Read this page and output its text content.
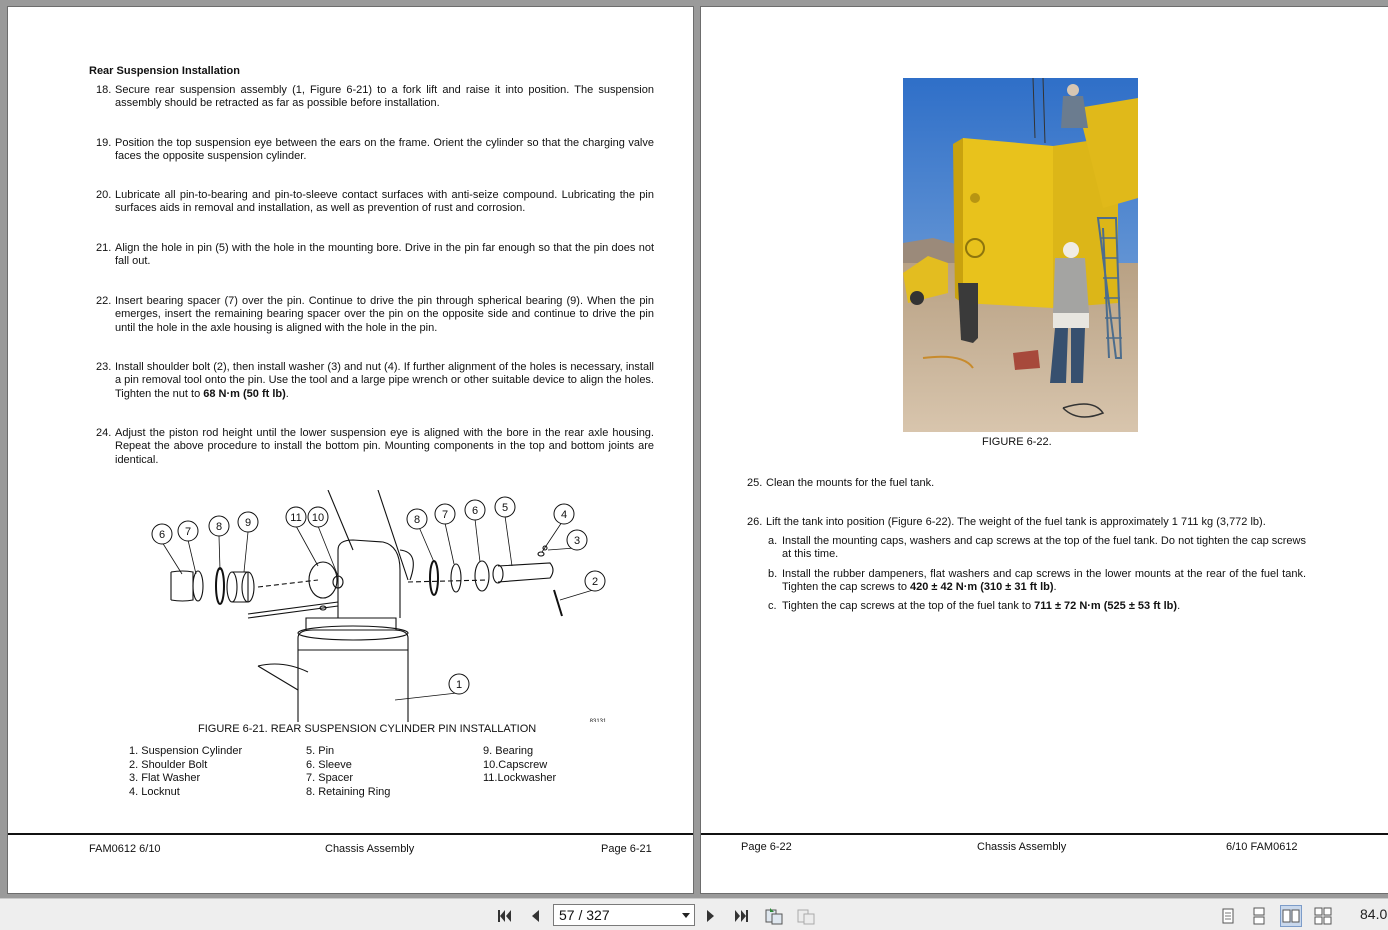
Rear Suspension Installation
18. Secure rear suspension assembly (1, Figure 6-21) to a fork lift and raise it into position. The suspension assembly should be retracted as far as possible before installation.
19. Position the top suspension eye between the ears on the frame. Orient the cylinder so that the charging valve faces the opposite suspension cylinder.
20. Lubricate all pin-to-bearing and pin-to-sleeve contact surfaces with anti-seize compound. Lubricating the pin surfaces aids in removal and installation, as well as prevention of rust and corrosion.
21. Align the hole in pin (5) with the hole in the mounting bore. Drive in the pin far enough so that the pin does not fall out.
22. Insert bearing spacer (7) over the pin. Continue to drive the pin through spherical bearing (9). When the pin emerges, insert the remaining bearing spacer over the pin on the opposite side and continue to drive the pin until the hole in the axle housing is aligned with the hole in the pin.
23. Install shoulder bolt (2), then install washer (3) and nut (4). If further alignment of the holes is necessary, install a pin removal tool onto the pin. Use the tool and a large pipe wrench or other suitable device to align the holes. Tighten the nut to 68 N·m (50 ft lb).
24. Adjust the piston rod height until the lower suspension eye is aligned with the bore in the rear axle housing. Repeat the above procedure to install the bottom pin. Mounting components in the top and bottom joints are identical.
6 7 8 9	11 10	8 7 6 5
4
3
2
1
83131
FIGURE 6-21. REAR SUSPENSION CYLINDER PIN INSTALLATION
1. Suspension Cylinder
2. Shoulder Bolt
3. Flat Washer
4. Locknut
5. Pin
6. Sleeve
7. Spacer
8. Retaining Ring
9. Bearing
10.Capscrew
11.Lockwasher
FAM0612 6/10	Chassis Assembly	Page 6-21
FIGURE 6-22.
25. Clean the mounts for the fuel tank.
26. Lift the tank into position (Figure 6-22). The weight of the fuel tank is approximately 1 711 kg (3,772 lb).
a. Install the mounting caps, washers and cap screws at the top of the fuel tank. Do not tighten the cap screws at this time.
b. Install the rubber dampeners, flat washers and cap screws in the lower mounts at the rear of the fuel tank. Tighten the cap screws to 420 ± 42 N·m (310 ± 31 ft lb).
c. Tighten the cap screws at the top of the fuel tank to 711 ± 72 N·m (525 ± 53 ft lb).
Page 6-22	Chassis Assembly	6/10 FAM0612
57 / 327	84.0
